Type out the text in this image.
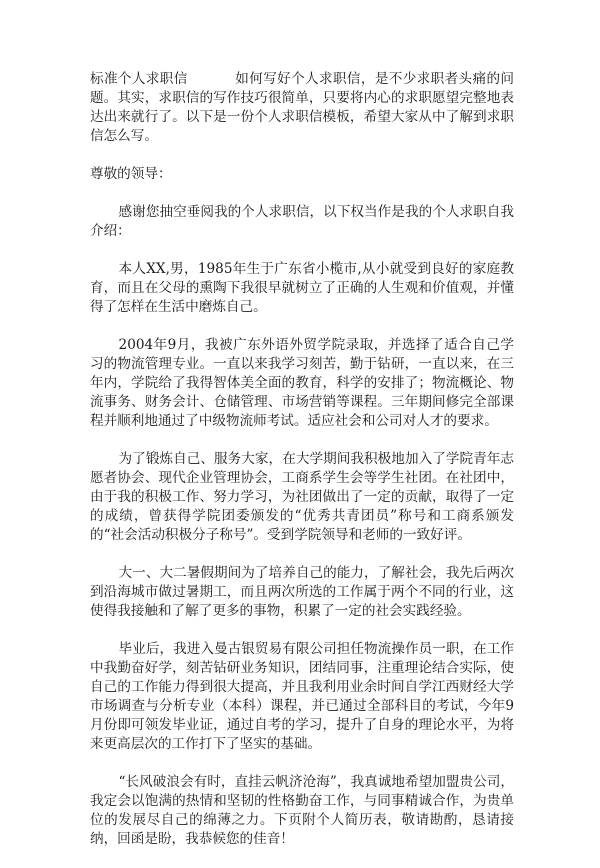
标准个人求职信	如何写好个人求职信，是不少求职者头痛的问题。其实，求职信的写作技巧很简单，只要将内心的求职愿望完整地表达出来就行了。以下是一份个人求职信模板，希望大家从中了解到求职信怎么写。

尊敬的领导：

感谢您抽空垂阅我的个人求职信，以下权当作是我的个人求职自我介绍：

本人XX,男，1985年生于广东省小榄市,从小就受到良好的家庭教育，而且在父母的熏陶下我很早就树立了正确的人生观和价值观，并懂得了怎样在生活中磨炼自己。

2004年9月，我被广东外语外贸学院录取，并选择了适合自己学习的物流管理专业。一直以来我学习刻苦，勤于钻研，一直以来，在三年内，学院给了我得智体美全面的教育，科学的安排了；物流概论、物流事务、财务会计、仓储管理、市场营销等课程。三年期间修完全部课程并顺利地通过了中级物流师考试。适应社会和公司对人才的要求。

为了锻炼自己、服务大家，在大学期间我积极地加入了学院青年志愿者协会、现代企业管理协会，工商系学生会等学生社团。在社团中，由于我的积极工作、努力学习，为社团做出了一定的贡献，取得了一定的成绩，曾获得学院团委颁发的“优秀共青团员”称号和工商系颁发的“社会活动积极分子称号”。受到学院领导和老师的一致好评。

大一、大二暑假期间为了培养自己的能力，了解社会，我先后两次到沿海城市做过暑期工，而且两次所选的工作属于两个不同的行业，这使得我接触和了解了更多的事物，积累了一定的社会实践经验。

毕业后，我进入曼古银贸易有限公司担任物流操作员一职，在工作中我勤奋好学，刻苦钻研业务知识，团结同事，注重理论结合实际，使自己的工作能力得到很大提高，并且我利用业余时间自学江西财经大学市场调查与分析专业（本科）课程，并已通过全部科目的考试，今年9月份即可领发毕业证，通过自考的学习，提升了自身的理论水平，为将来更高层次的工作打下了坚实的基础。

“长风破浪会有时，直挂云帆济沧海”，我真诚地希望加盟贵公司，我定会以饱满的热情和坚韧的性格勤奋工作，与同事精诚合作，为贵单位的发展尽自己的绵薄之力。下页附个人简历表，敬请勘酌，恳请接纳，回函是盼，我恭候您的佳音！
